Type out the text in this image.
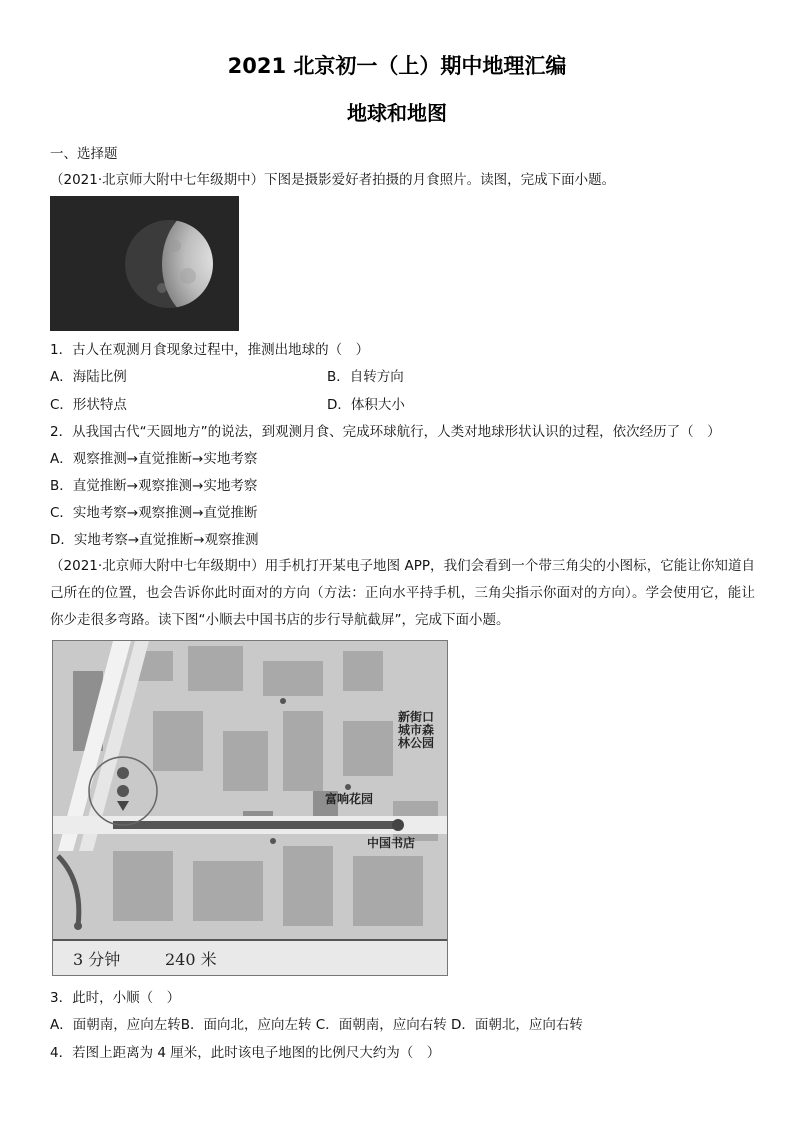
2021 北京初一（上）期中地理汇编
地球和地图
一、选择题
（2021·北京师大附中七年级期中）下图是摄影爱好者拍摄的月食照片。读图，完成下面小题。
1．古人在观测月食现象过程中，推测出地球的（　）
A．海陆比例	B．自转方向
C．形状特点	D．体积大小
2．从我国古代“天圆地方”的说法，到观测月食、完成环球航行，人类对地球形状认识的过程，依次经历了（　）
A．观察推测→直觉推断→实地考察
B．直觉推断→观察推测→实地考察
C．实地考察→观察推测→直觉推断
D．实地考察→直觉推断→观察推测
（2021·北京师大附中七年级期中）用手机打开某电子地图 APP，我们会看到一个带三角尖的小图标，它能让你知道自己所在的位置，也会告诉你此时面对的方向（方法：正向水平持手机，三角尖指示你面对的方向）。学会使用它，能让你少走很多弯路。读下图“小顺去中国书店的步行导航截屏”，完成下面小题。
新街口
城市森
林公园
富响花园
中国书店
3 分钟	240 米
3．此时，小顺（　）
A．面朝南，应向左转B．面向北，应向左转 C．面朝南，应向右转 D．面朝北，应向右转
4．若图上距离为 4 厘米，此时该电子地图的比例尺大约为（　）
